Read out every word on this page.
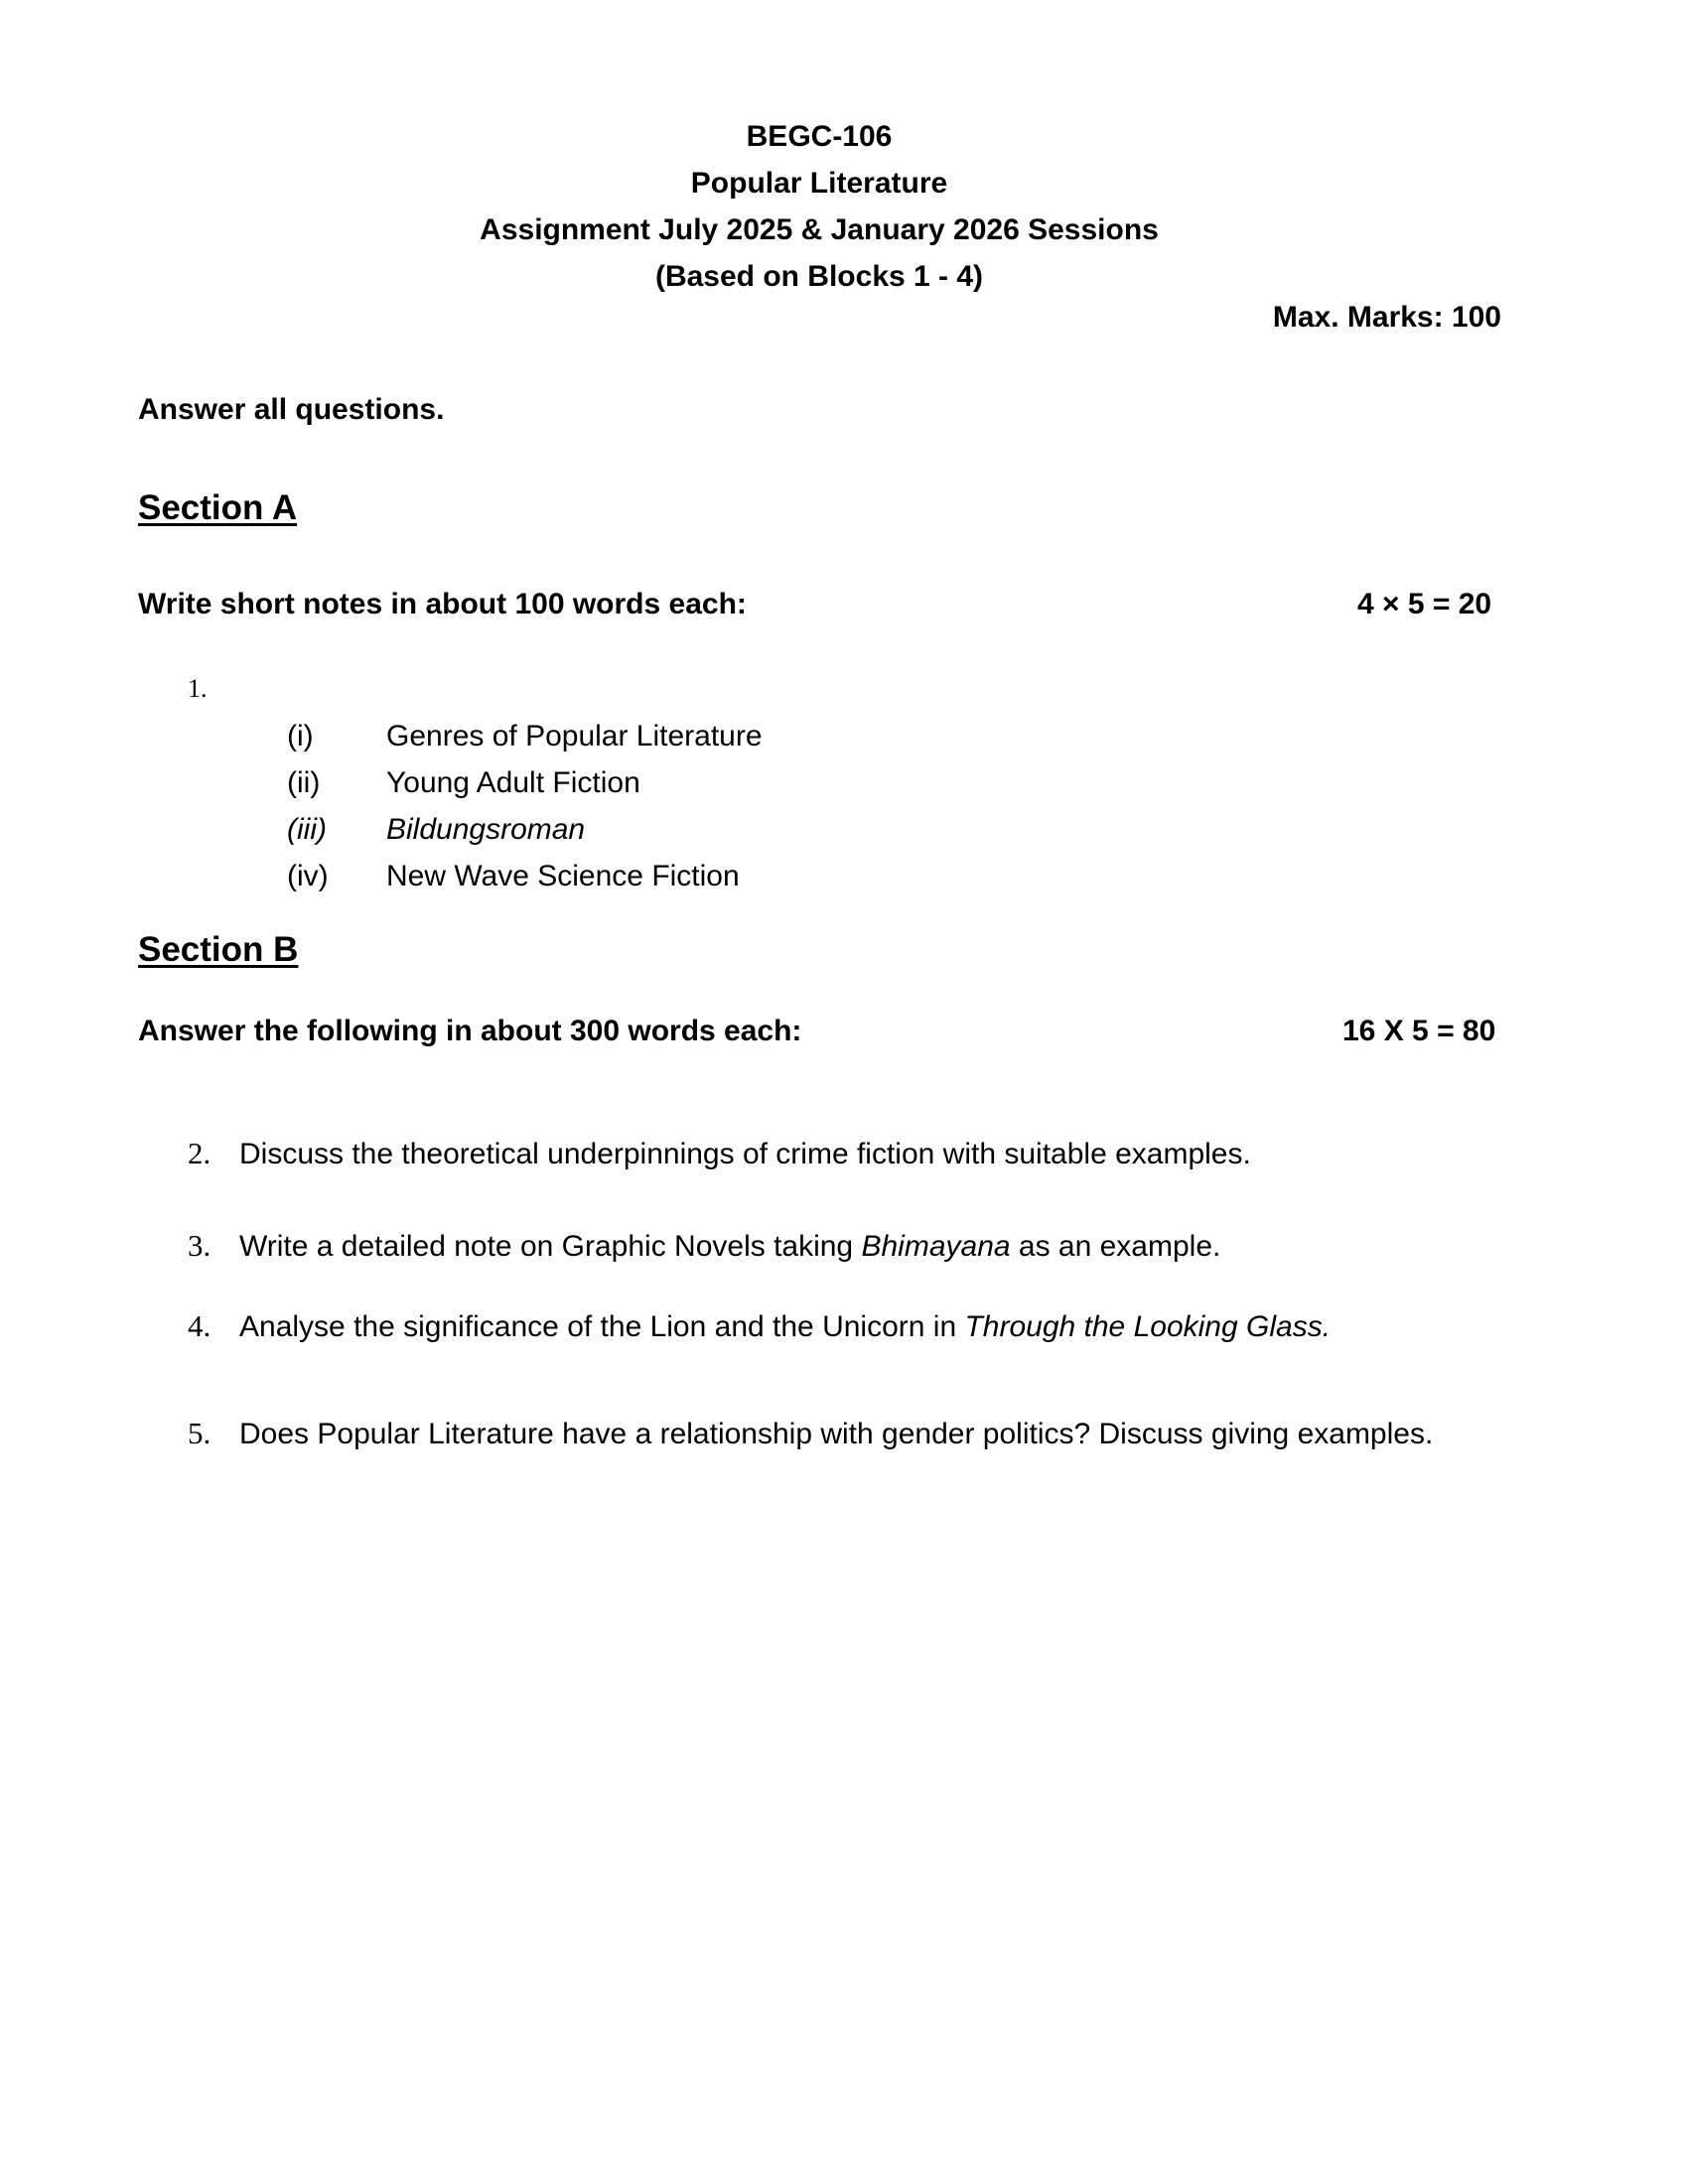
BEGC-106
Popular Literature
Assignment July 2025 & January 2026 Sessions
(Based on Blocks 1 - 4)
Max. Marks: 100
Answer all questions.
Section A
Write short notes in about 100 words each:	4 × 5 = 20
1.
(i) Genres of Popular Literature
(ii) Young Adult Fiction
(iii) Bildungsroman
(iv) New Wave Science Fiction
Section B
Answer the following in about 300 words each:	16 X 5 = 80
2. Discuss the theoretical underpinnings of crime fiction with suitable examples.
3. Write a detailed note on Graphic Novels taking Bhimayana as an example.
4. Analyse the significance of the Lion and the Unicorn in Through the Looking Glass.
5. Does Popular Literature have a relationship with gender politics? Discuss giving examples.
